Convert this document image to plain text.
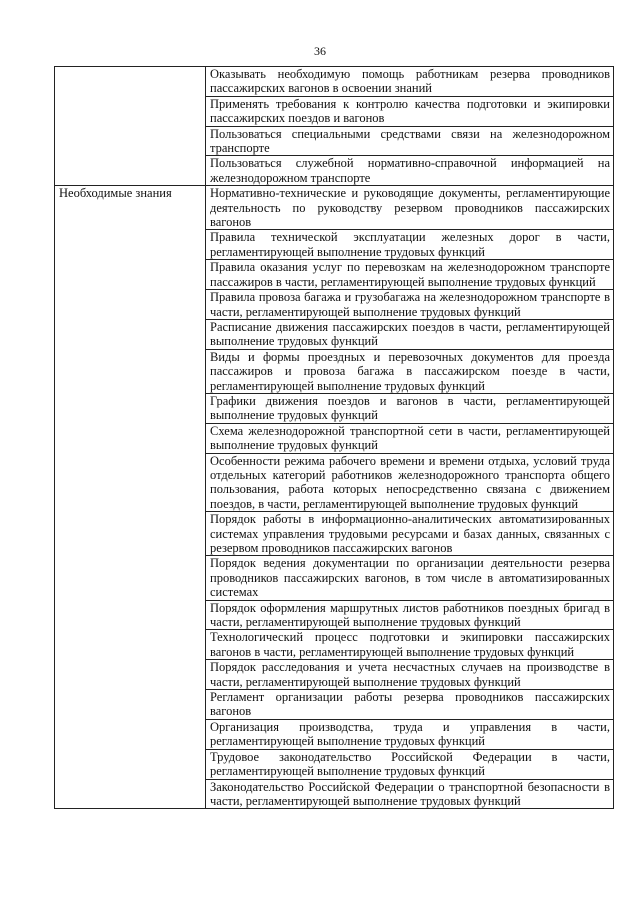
36
	Оказывать необходимую помощь работникам резерва проводников пассажирских вагонов в освоении знаний
	Применять требования к контролю качества подготовки и экипировки пассажирских поездов и вагонов
	Пользоваться специальными средствами связи на железнодорожном транспорте
	Пользоваться служебной нормативно-справочной информацией на железнодорожном транспорте
Необходимые знания	Нормативно-технические и руководящие документы, регламентирующие деятельность по руководству резервом проводников пассажирских вагонов
	Правила технической эксплуатации железных дорог в части, регламентирующей выполнение трудовых функций
	Правила оказания услуг по перевозкам на железнодорожном транспорте пассажиров в части, регламентирующей выполнение трудовых функций
	Правила провоза багажа и грузобагажа на железнодорожном транспорте в части, регламентирующей выполнение трудовых функций
	Расписание движения пассажирских поездов в части, регламентирующей выполнение трудовых функций
	Виды и формы проездных и перевозочных документов для проезда пассажиров и провоза багажа в пассажирском поезде в части, регламентирующей выполнение трудовых функций
	Графики движения поездов и вагонов в части, регламентирующей выполнение трудовых функций
	Схема железнодорожной транспортной сети в части, регламентирующей выполнение трудовых функций
	Особенности режима рабочего времени и времени отдыха, условий труда отдельных категорий работников железнодорожного транспорта общего пользования, работа которых непосредственно связана с движением поездов, в части, регламентирующей выполнение трудовых функций
	Порядок работы в информационно-аналитических автоматизированных системах управления трудовыми ресурсами и базах данных, связанных с резервом проводников пассажирских вагонов
	Порядок ведения документации по организации деятельности резерва проводников пассажирских вагонов, в том числе в автоматизированных системах
	Порядок оформления маршрутных листов работников поездных бригад в части, регламентирующей выполнение трудовых функций
	Технологический процесс подготовки и экипировки пассажирских вагонов в части, регламентирующей выполнение трудовых функций
	Порядок расследования и учета несчастных случаев на производстве в части, регламентирующей выполнение трудовых функций
	Регламент организации работы резерва проводников пассажирских вагонов
	Организация производства, труда и управления в части, регламентирующей выполнение трудовых функций
	Трудовое законодательство Российской Федерации в части, регламентирующей выполнение трудовых функций
	Законодательство Российской Федерации о транспортной безопасности в части, регламентирующей выполнение трудовых функций
